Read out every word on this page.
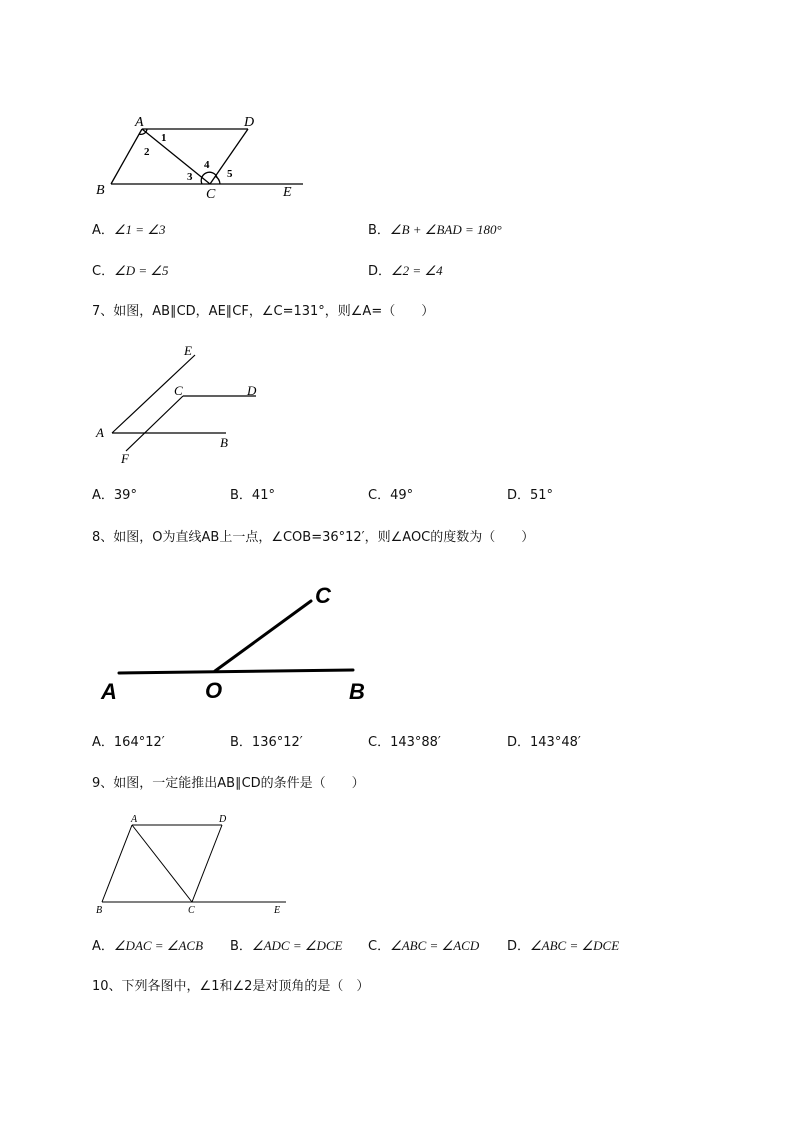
A	D
B	C	E
1
2
3
4
5
A．∠1 = ∠3	B．∠B + ∠BAD = 180°
C．∠D = ∠5	D．∠2 = ∠4
7、如图，AB∥CD，AE∥CF，∠C=131°，则∠A=（　　）
E
C	D
A
B
F
A．39°	B．41°	C．49°	D．51°
8、如图，O为直线AB上一点，∠COB=36°12′，则∠AOC的度数为（　　）
C
A	O	B
A．164°12′	B．136°12′	C．143°88′	D．143°48′
9、如图，一定能推出AB∥CD的条件是（　　）
A	D
B	C	E
A．∠DAC = ∠ACB B．∠ADC = ∠DCE C．∠ABC = ∠ACD D．∠ABC = ∠DCE
10、下列各图中，∠1和∠2是对顶角的是（　）
